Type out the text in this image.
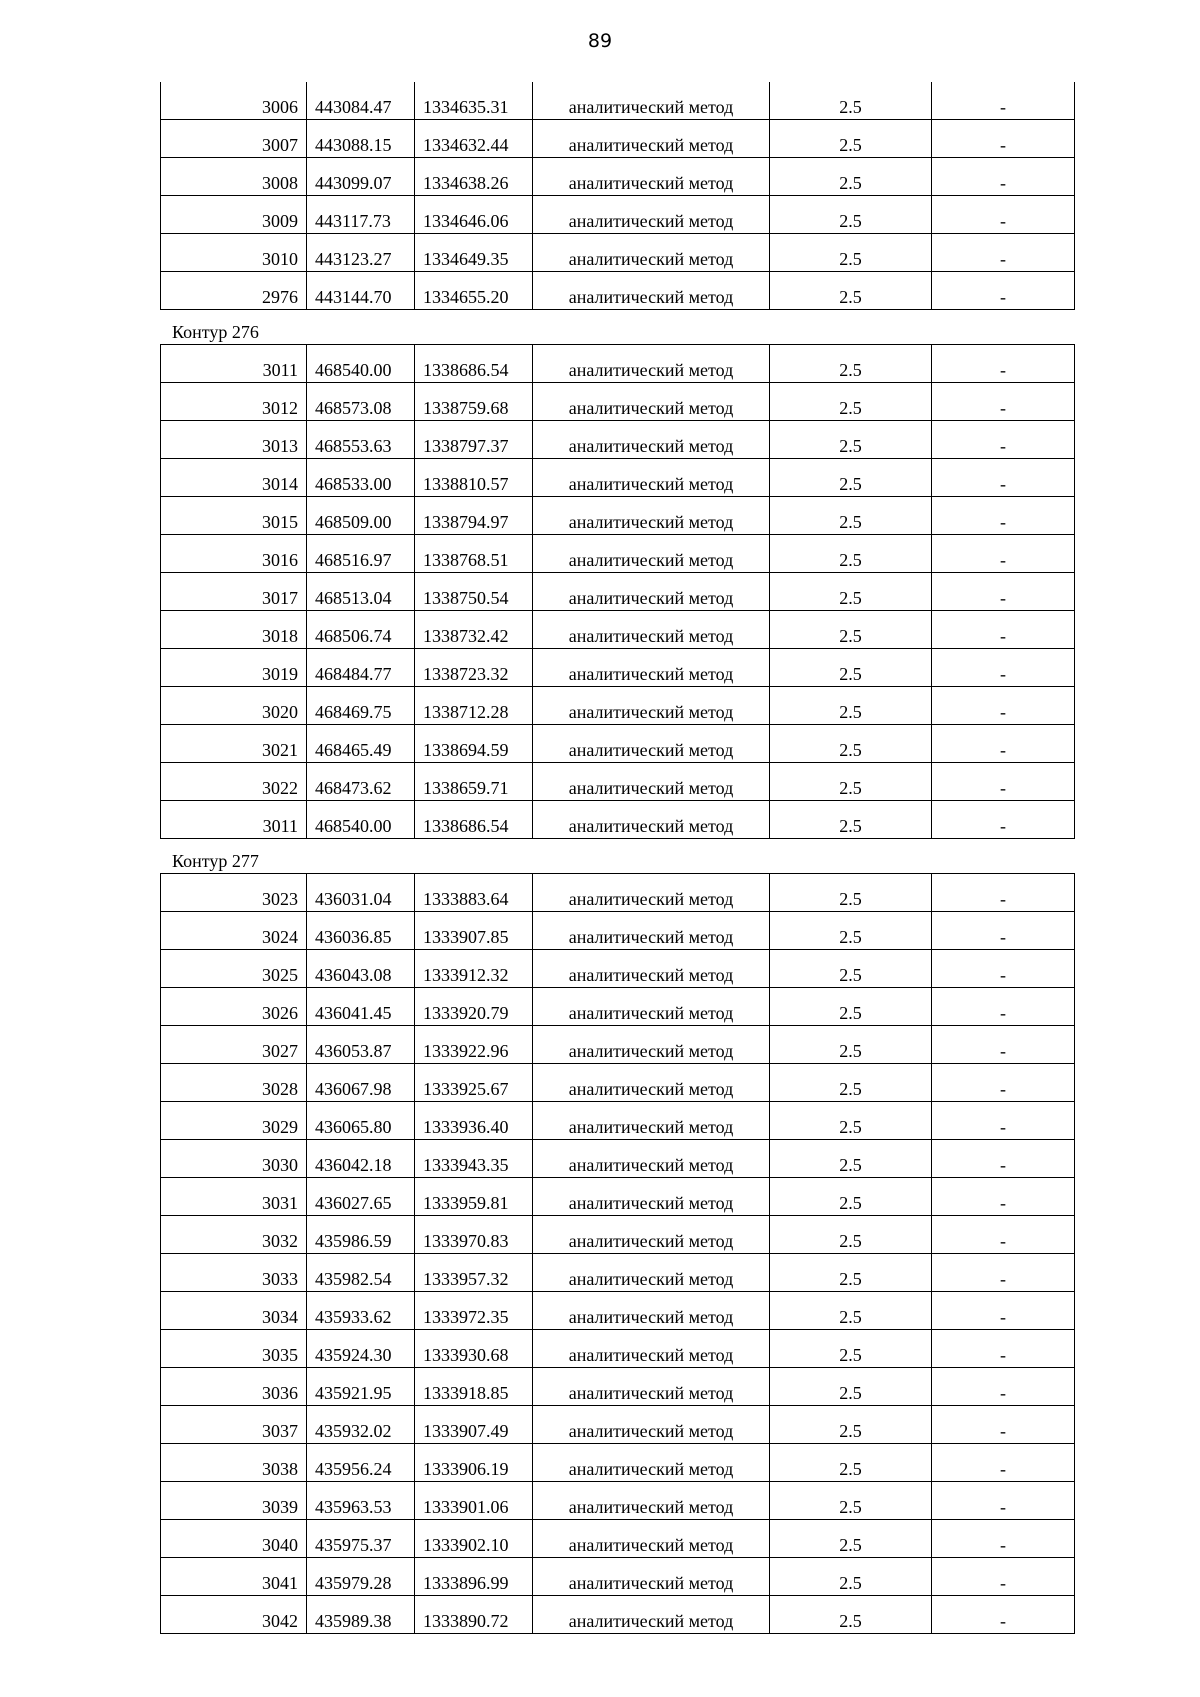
89
3006	443084.47	1334635.31	аналитический метод	2.5	-
3007	443088.15	1334632.44	аналитический метод	2.5	-
3008	443099.07	1334638.26	аналитический метод	2.5	-
3009	443117.73	1334646.06	аналитический метод	2.5	-
3010	443123.27	1334649.35	аналитический метод	2.5	-
2976	443144.70	1334655.20	аналитический метод	2.5	-
Контур 276
3011	468540.00	1338686.54	аналитический метод	2.5	-
3012	468573.08	1338759.68	аналитический метод	2.5	-
3013	468553.63	1338797.37	аналитический метод	2.5	-
3014	468533.00	1338810.57	аналитический метод	2.5	-
3015	468509.00	1338794.97	аналитический метод	2.5	-
3016	468516.97	1338768.51	аналитический метод	2.5	-
3017	468513.04	1338750.54	аналитический метод	2.5	-
3018	468506.74	1338732.42	аналитический метод	2.5	-
3019	468484.77	1338723.32	аналитический метод	2.5	-
3020	468469.75	1338712.28	аналитический метод	2.5	-
3021	468465.49	1338694.59	аналитический метод	2.5	-
3022	468473.62	1338659.71	аналитический метод	2.5	-
3011	468540.00	1338686.54	аналитический метод	2.5	-
Контур 277
3023	436031.04	1333883.64	аналитический метод	2.5	-
3024	436036.85	1333907.85	аналитический метод	2.5	-
3025	436043.08	1333912.32	аналитический метод	2.5	-
3026	436041.45	1333920.79	аналитический метод	2.5	-
3027	436053.87	1333922.96	аналитический метод	2.5	-
3028	436067.98	1333925.67	аналитический метод	2.5	-
3029	436065.80	1333936.40	аналитический метод	2.5	-
3030	436042.18	1333943.35	аналитический метод	2.5	-
3031	436027.65	1333959.81	аналитический метод	2.5	-
3032	435986.59	1333970.83	аналитический метод	2.5	-
3033	435982.54	1333957.32	аналитический метод	2.5	-
3034	435933.62	1333972.35	аналитический метод	2.5	-
3035	435924.30	1333930.68	аналитический метод	2.5	-
3036	435921.95	1333918.85	аналитический метод	2.5	-
3037	435932.02	1333907.49	аналитический метод	2.5	-
3038	435956.24	1333906.19	аналитический метод	2.5	-
3039	435963.53	1333901.06	аналитический метод	2.5	-
3040	435975.37	1333902.10	аналитический метод	2.5	-
3041	435979.28	1333896.99	аналитический метод	2.5	-
3042	435989.38	1333890.72	аналитический метод	2.5	-
